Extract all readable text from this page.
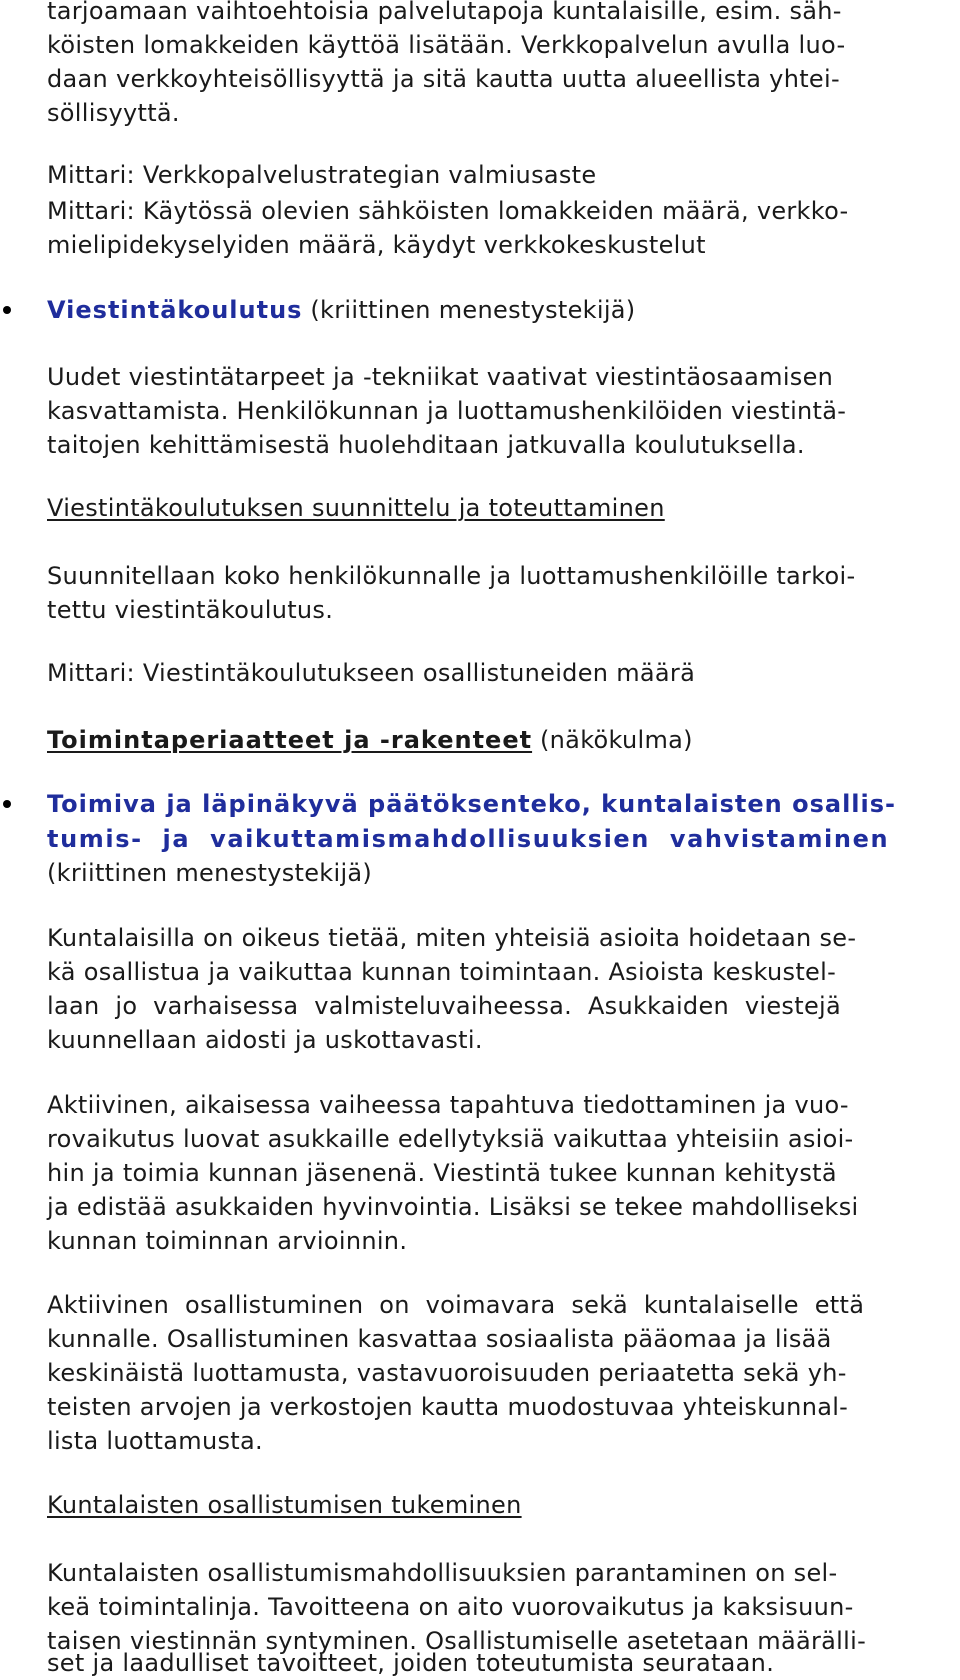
tarjoamaan vaihtoehtoisia palvelutapoja kuntalaisille, esim. säh-
köisten lomakkeiden käyttöä lisätään. Verkkopalvelun avulla luo-
daan verkkoyhteisöllisyyttä ja sitä kautta uutta alueellista yhtei-
söllisyyttä.
Mittari: Verkkopalvelustrategian valmiusaste
Mittari: Käytössä olevien sähköisten lomakkeiden määrä, verkko-
mielipidekyselyiden määrä, käydyt verkkokeskustelut
Viestintäkoulutus (kriittinen menestystekijä)
Uudet viestintätarpeet ja -tekniikat vaativat viestintäosaamisen
kasvattamista. Henkilökunnan ja luottamushenkilöiden viestintä-
taitojen kehittämisestä huolehditaan jatkuvalla koulutuksella.
Viestintäkoulutuksen suunnittelu ja toteuttaminen
Suunnitellaan koko henkilökunnalle ja luottamushenkilöille tarkoi-
tettu viestintäkoulutus.
Mittari: Viestintäkoulutukseen osallistuneiden määrä
Toimintaperiaatteet ja -rakenteet (näkökulma)
Toimiva ja läpinäkyvä päätöksenteko, kuntalaisten osallis-
tumis-  ja  vaikuttamismahdollisuuksien  vahvistaminen
(kriittinen menestystekijä)
Kuntalaisilla on oikeus tietää, miten yhteisiä asioita hoidetaan se-
kä osallistua ja vaikuttaa kunnan toimintaan. Asioista keskustel-
laan  jo  varhaisessa  valmisteluvaiheessa.  Asukkaiden  viestejä
kuunnellaan aidosti ja uskottavasti.
Aktiivinen, aikaisessa vaiheessa tapahtuva tiedottaminen ja vuo-
rovaikutus luovat asukkaille edellytyksiä vaikuttaa yhteisiin asioi-
hin ja toimia kunnan jäsenenä. Viestintä tukee kunnan kehitystä
ja edistää asukkaiden hyvinvointia. Lisäksi se tekee mahdolliseksi
kunnan toiminnan arvioinnin.
Aktiivinen  osallistuminen  on  voimavara  sekä  kuntalaiselle  että
kunnalle. Osallistuminen kasvattaa sosiaalista pääomaa ja lisää
keskinäistä luottamusta, vastavuoroisuuden periaatetta sekä yh-
teisten arvojen ja verkostojen kautta muodostuvaa yhteiskunnal-
lista luottamusta.
Kuntalaisten osallistumisen tukeminen
Kuntalaisten osallistumismahdollisuuksien parantaminen on sel-
keä toimintalinja. Tavoitteena on aito vuorovaikutus ja kaksisuun-
taisen viestinnän syntyminen. Osallistumiselle asetetaan määrälli-
set ja laadulliset tavoitteet, joiden toteutumista seurataan.
